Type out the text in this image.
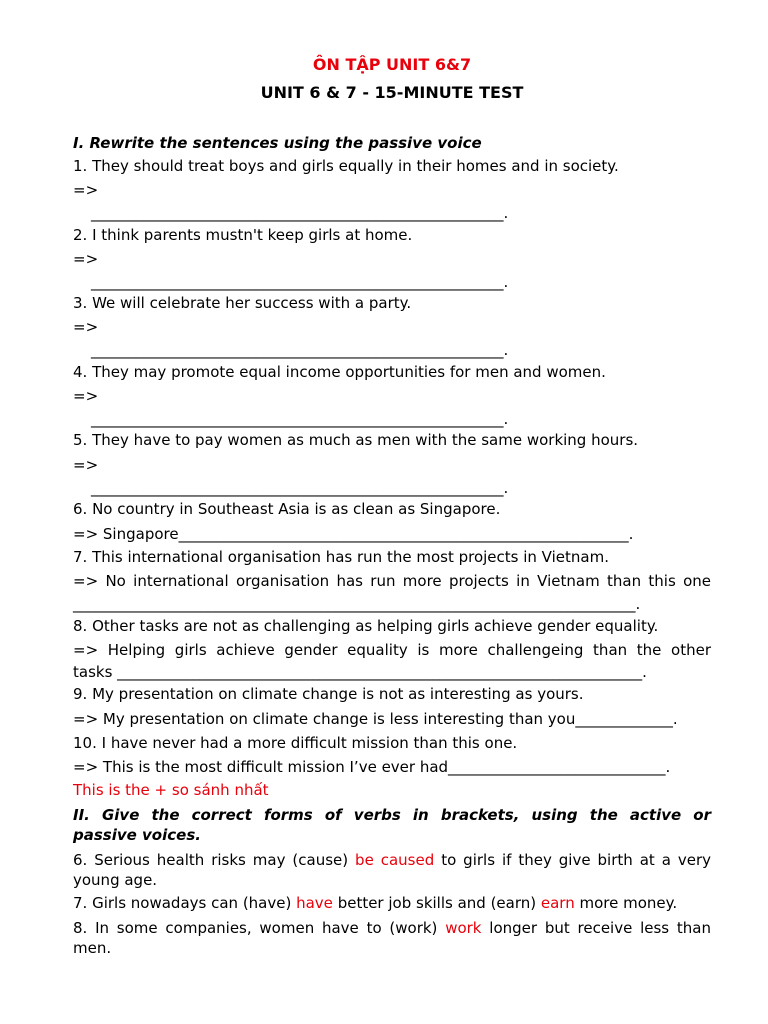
ÔN TẬP UNIT 6&7
UNIT 6 & 7 - 15-MINUTE TEST
I. Rewrite the sentences using the passive voice
1. They should treat boys and girls equally in their homes and in society.
=>
_______________________________________________________.
2. I think parents mustn't keep girls at home.
=>
_______________________________________________________.
3. We will celebrate her success with a party.
=>
_______________________________________________________.
4. They may promote equal income opportunities for men and women.
=>
_______________________________________________________.
5. They have to pay women as much as men with the same working hours.
=>
_______________________________________________________.
6. No country in Southeast Asia is as clean as Singapore.
=> Singapore____________________________________________________________.
7. This international organisation has run the most projects in Vietnam.
=> No international organisation has run more projects in Vietnam than this one
___________________________________________________________________________.
8. Other tasks are not as challenging as helping girls achieve gender equality.
=> Helping girls achieve gender equality is more challengeing than the other
tasks ______________________________________________________________________.
9. My presentation on climate change is not as interesting as yours.
=> My presentation on climate change is less interesting than you_____________.
10. I have never had a more difficult mission than this one.
=> This is the most difficult mission I’ve ever had_____________________________.
This is the + so sánh nhất
II. Give the correct forms of verbs in brackets, using the active or
passive voices.
6. Serious health risks may (cause) be caused to girls if they give birth at a very
young age.
7. Girls nowadays can (have) have better job skills and (earn) earn more money.
8. In some companies, women have to (work) work longer but receive less than
men.
